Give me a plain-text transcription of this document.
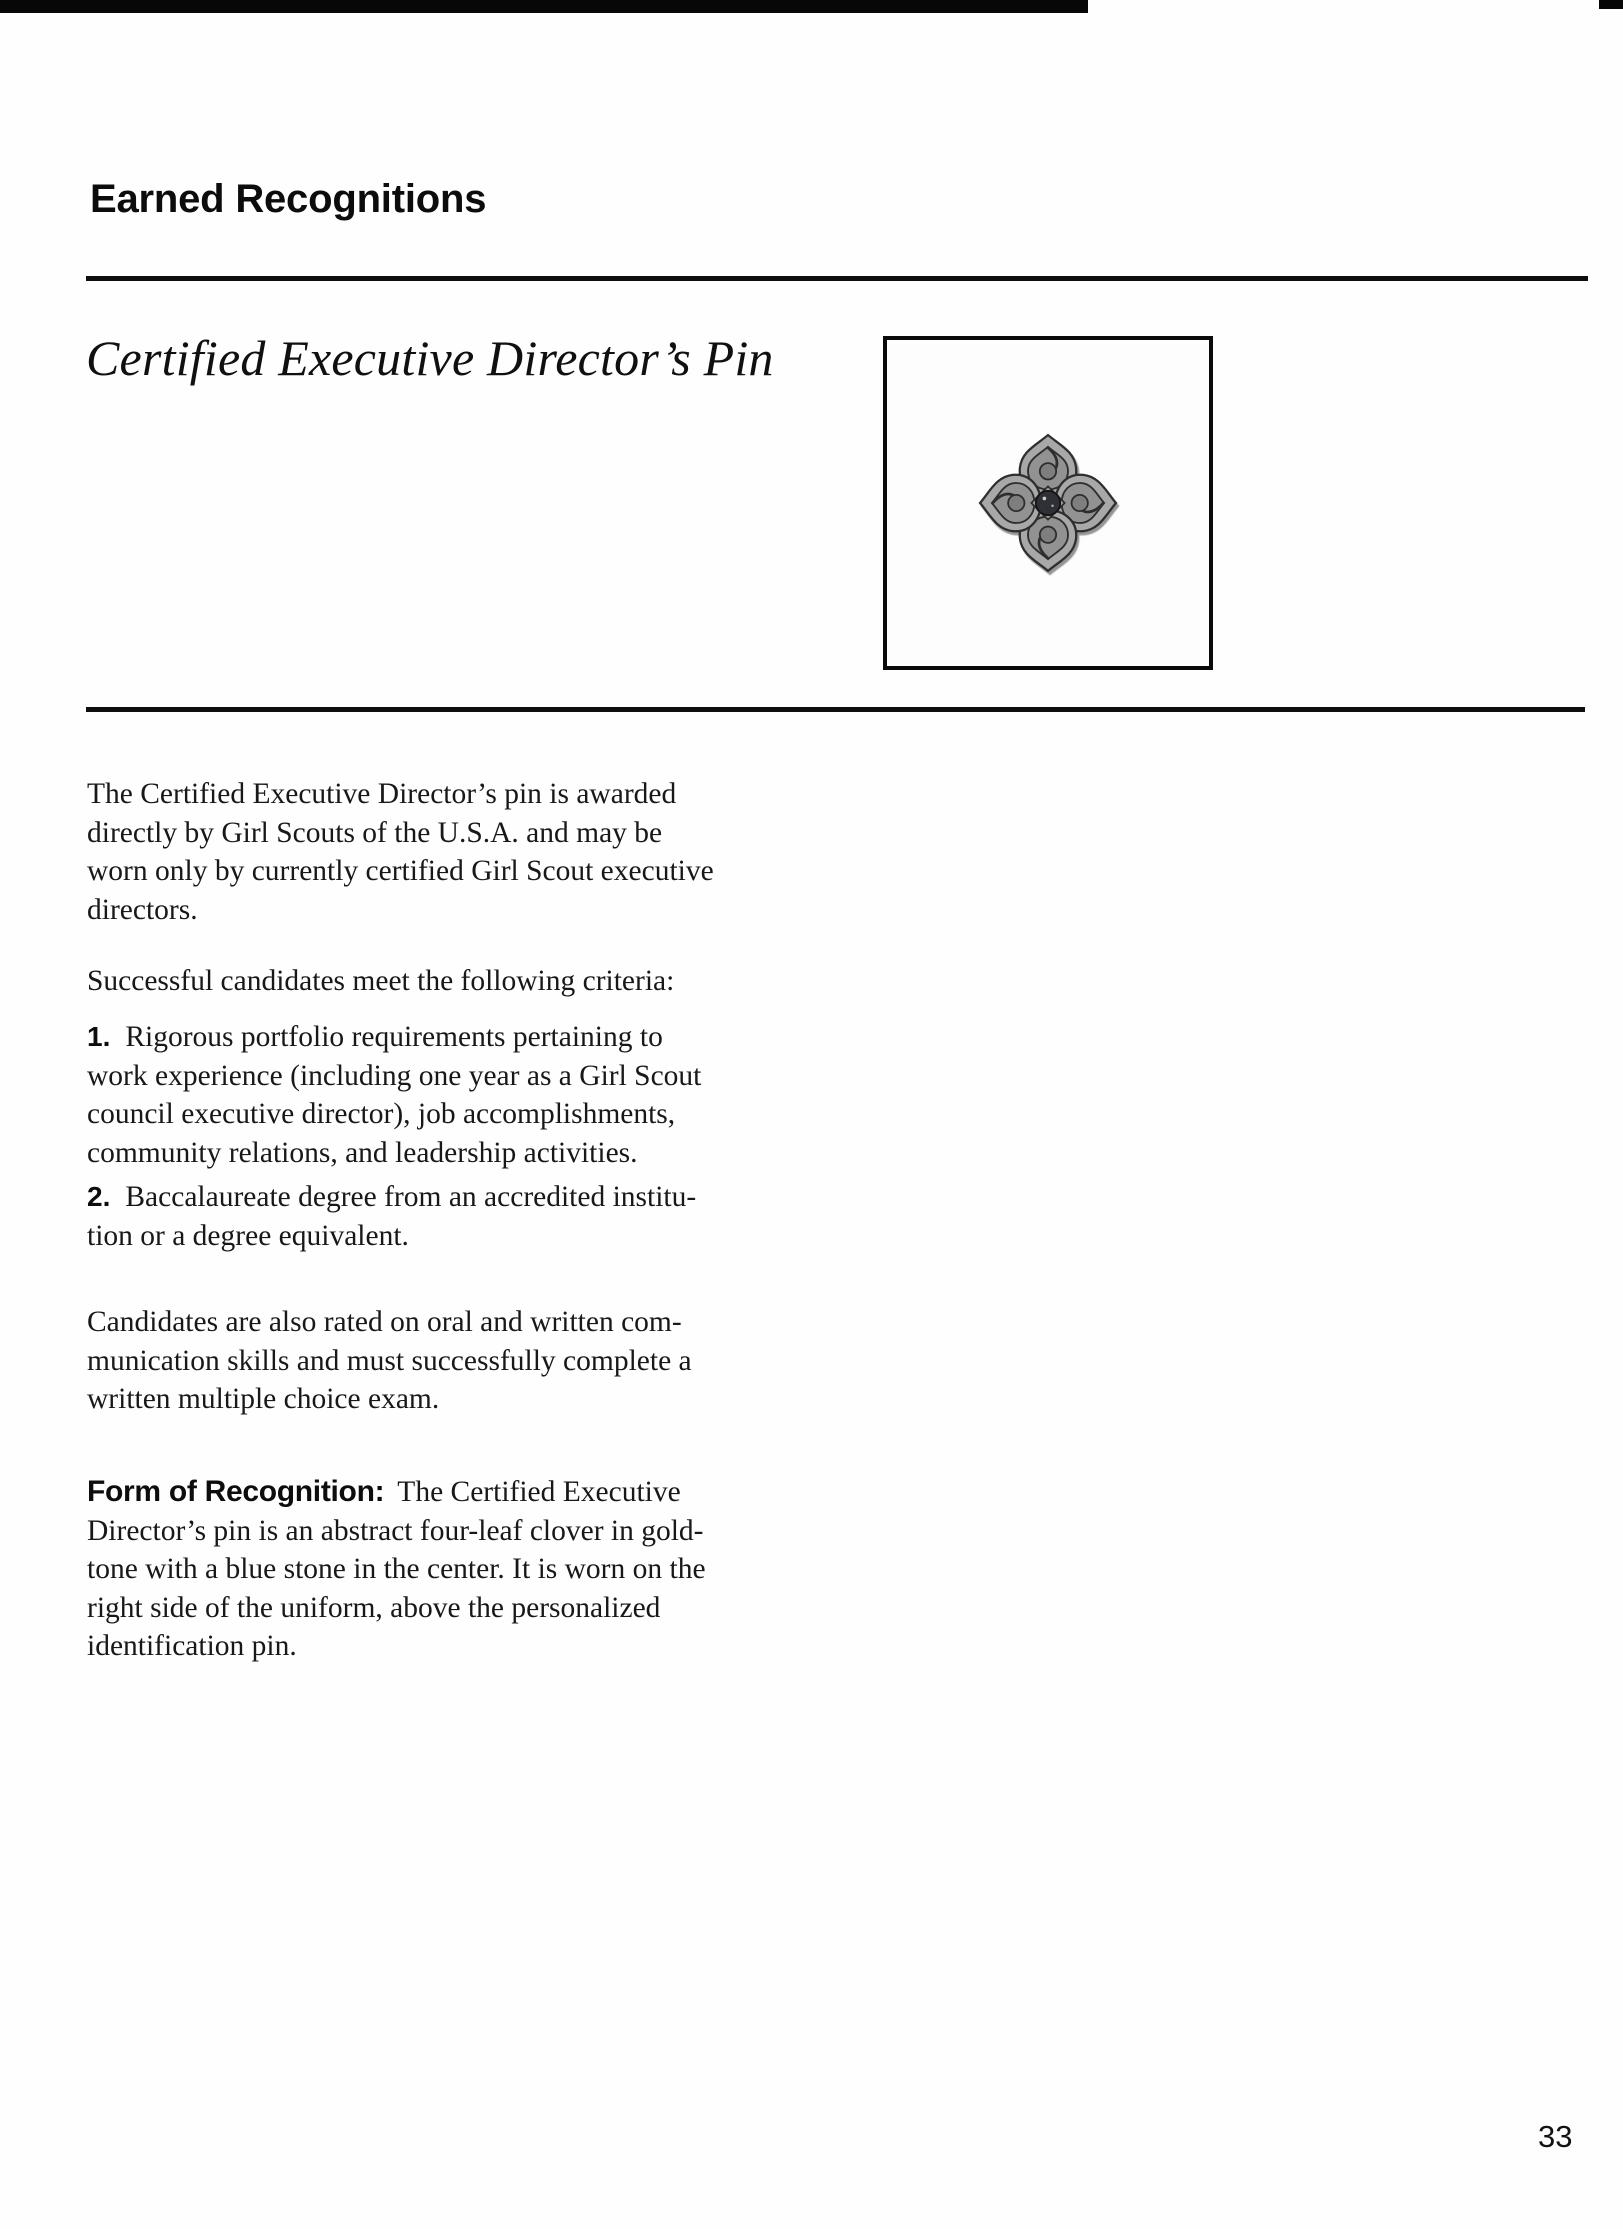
Earned Recognitions
Certified Executive Director’s Pin
The Certified Executive Director’s pin is awarded
directly by Girl Scouts of the U.S.A. and may be
worn only by currently certified Girl Scout executive
directors.
Successful candidates meet the following criteria:
1. Rigorous portfolio requirements pertaining to
work experience (including one year as a Girl Scout
council executive director), job accomplishments,
community relations, and leadership activities.
2. Baccalaureate degree from an accredited institu-
tion or a degree equivalent.
Candidates are also rated on oral and written com-
munication skills and must successfully complete a
written multiple choice exam.
Form of Recognition: The Certified Executive
Director’s pin is an abstract four-leaf clover in gold-
tone with a blue stone in the center. It is worn on the
right side of the uniform, above the personalized
identification pin.
33
